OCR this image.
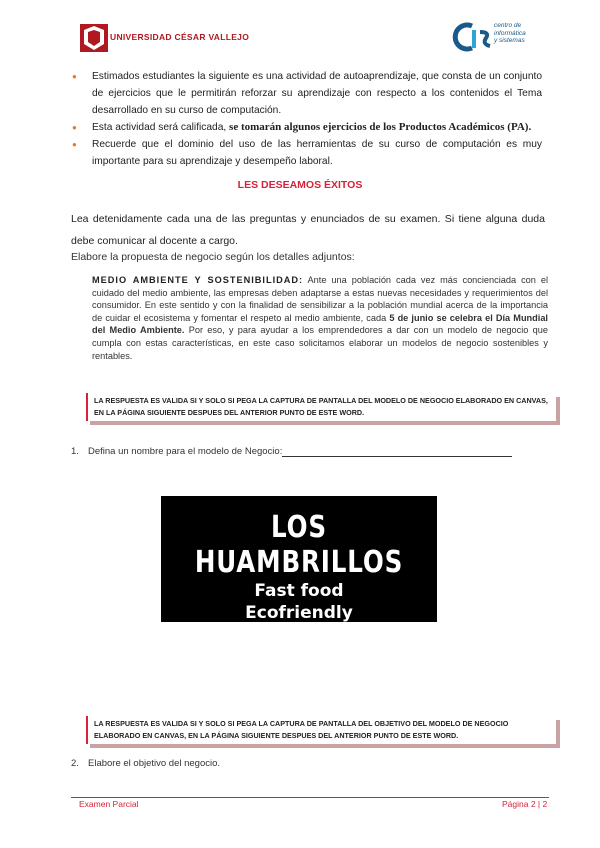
UNIVERSIDAD CÉSAR VALLEJO
centro de
informática
y sistemas
● Estimados estudiantes la siguiente es una actividad de autoaprendizaje, que consta de un conjunto de ejercicios que le permitirán reforzar su aprendizaje con respecto a los contenidos el Tema desarrollado en su curso de computación.
● Esta actividad será calificada, se tomarán algunos ejercicios de los Productos Académicos (PA).
● Recuerde que el dominio del uso de las herramientas de su curso de computación es muy importante para su aprendizaje y desempeño laboral.
LES DESEAMOS ÉXITOS
Lea detenidamente cada una de las preguntas y enunciados de su examen. Si tiene alguna duda debe comunicar al docente a cargo.
Elabore la propuesta de negocio según los detalles adjuntos:
MEDIO AMBIENTE Y SOSTENIBILIDAD: Ante una población cada vez más concienciada con el cuidado del medio ambiente, las empresas deben adaptarse a estas nuevas necesidades y requerimientos del consumidor. En este sentido y con la finalidad de sensibilizar a la población mundial acerca de la importancia de cuidar el ecosistema y fomentar el respeto al medio ambiente, cada 5 de junio se celebra el Día Mundial del Medio Ambiente. Por eso, y para ayudar a los emprendedores a dar con un modelo de negocio que cumpla con estas características, en este caso solicitamos elaborar un modelos de negocio sostenibles y rentables.
LA RESPUESTA ES VALIDA SI Y SOLO SI PEGA LA CAPTURA DE PANTALLA DEL MODELO DE NEGOCIO ELABORADO EN CANVAS, EN LA PÁGINA SIGUIENTE DESPUES DEL ANTERIOR PUNTO DE ESTE WORD.
1. Defina un nombre para el modelo de Negocio:
LOS HUAMBRILLOS
Fast food
Ecofriendly
LA RESPUESTA ES VALIDA SI Y SOLO SI PEGA LA CAPTURA DE PANTALLA DEL OBJETIVO DEL MODELO DE NEGOCIO ELABORADO EN CANVAS, EN LA PÁGINA SIGUIENTE DESPUES DEL ANTERIOR PUNTO DE ESTE WORD.
2. Elabore el objetivo del negocio.
Examen Parcial	Página 2 | 2
